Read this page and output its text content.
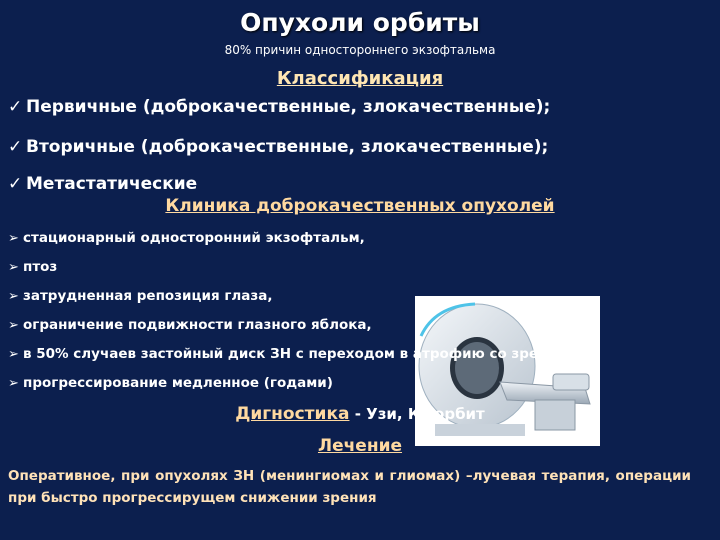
Опухоли орбиты
80% причин одностороннего экзофтальма
Классификация
✓ Первичные (доброкачественные, злокачественные);
✓ Вторичные (доброкачественные, злокачественные);
✓ Метастатические
Клиника доброкачественных опухолей
➢ стационарный односторонний экзофтальм,
➢ птоз
➢ затрудненная репозиция глаза,
➢ ограничение подвижности глазного яблока,
➢ в 50% случаев застойный диск ЗН с переходом в атрофию со зрения
➢ прогрессирование медленное (годами)
Дигностика - Узи, Кт орбит
Лечение
Оперативное, при опухолях ЗН (менингиомах и глиомах) –лучевая терапия, операции при быстро прогрессирущем снижении зрения
